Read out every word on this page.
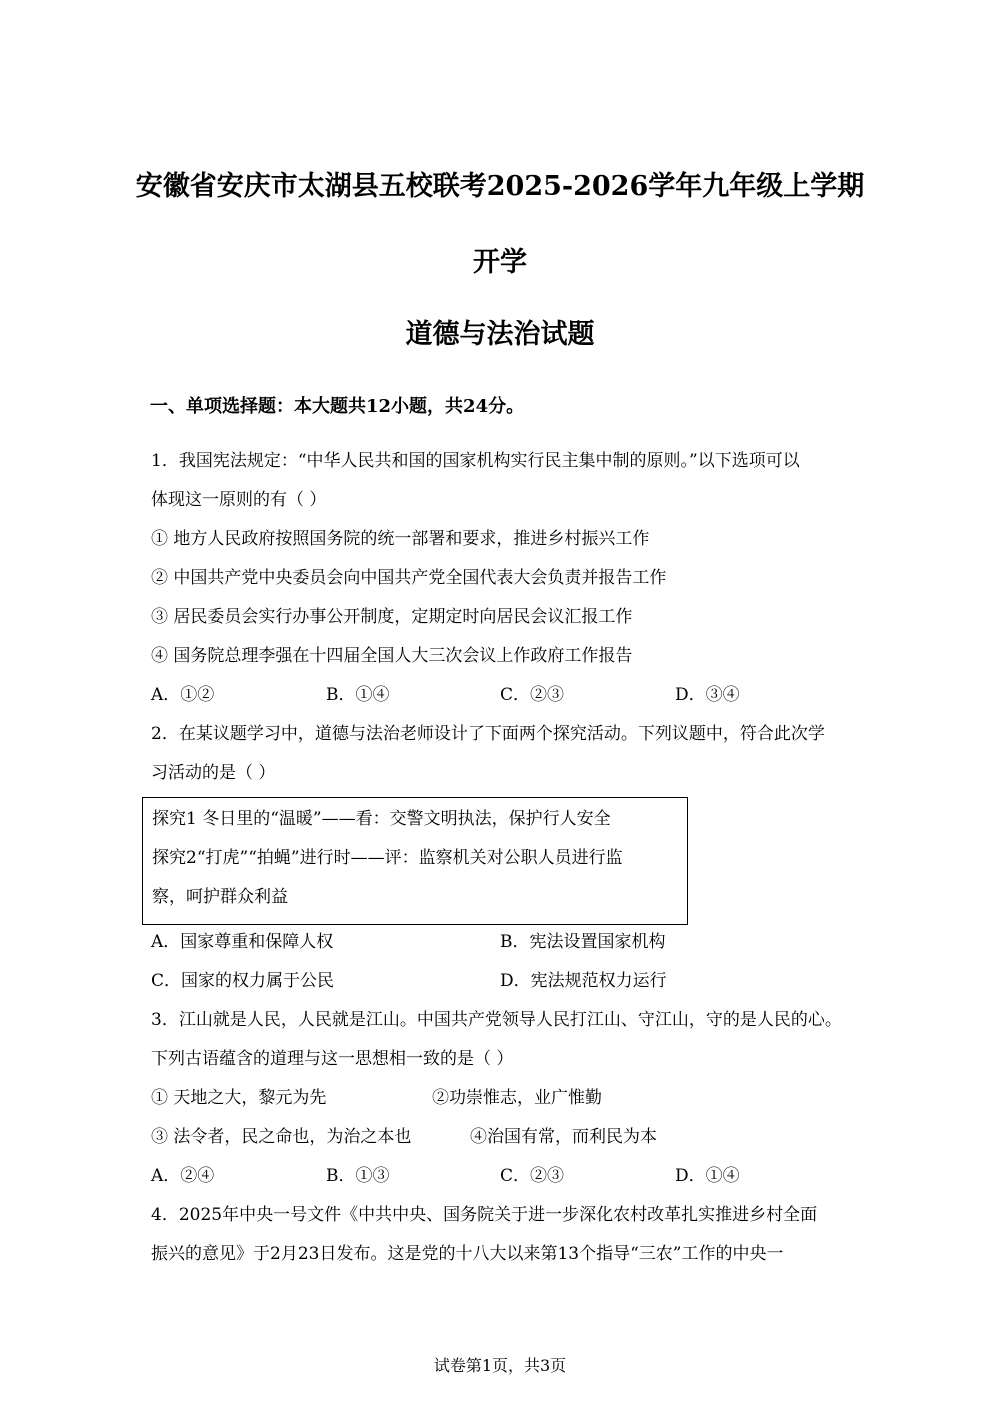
安徽省安庆市太湖县五校联考2025-2026学年九年级上学期
开学
道德与法治试题
一、单项选择题：本大题共12小题，共24分。
1．我国宪法规定：“中华人民共和国的国家机构实行民主集中制的原则。”以下选项可以
体现这一原则的有（ ）
① 地方人民政府按照国务院的统一部署和要求，推进乡村振兴工作
② 中国共产党中央委员会向中国共产党全国代表大会负责并报告工作
③ 居民委员会实行办事公开制度，定期定时向居民会议汇报工作
④ 国务院总理李强在十四届全国人大三次会议上作政府工作报告
A．①②	B．①④	C．②③	D．③④
2．在某议题学习中，道德与法治老师设计了下面两个探究活动。下列议题中，符合此次学
习活动的是（ ）
探究1 冬日里的“温暖”——看：交警文明执法，保护行人安全
探究2“打虎”“拍蝇”进行时——评：监察机关对公职人员进行监
察，呵护群众利益
A．国家尊重和保障人权	B．宪法设置国家机构
C．国家的权力属于公民	D．宪法规范权力运行
3．江山就是人民，人民就是江山。中国共产党领导人民打江山、守江山，守的是人民的心。
下列古语蕴含的道理与这一思想相一致的是（ ）
① 天地之大，黎元为先	②功崇惟志，业广惟勤
③ 法令者，民之命也，为治之本也	④治国有常，而利民为本
A．②④	B．①③	C．②③	D．①④
4．2025年中央一号文件《中共中央、国务院关于进一步深化农村改革扎实推进乡村全面
振兴的意见》于2月23日发布。这是党的十八大以来第13个指导“三农”工作的中央一
试卷第1页，共3页
